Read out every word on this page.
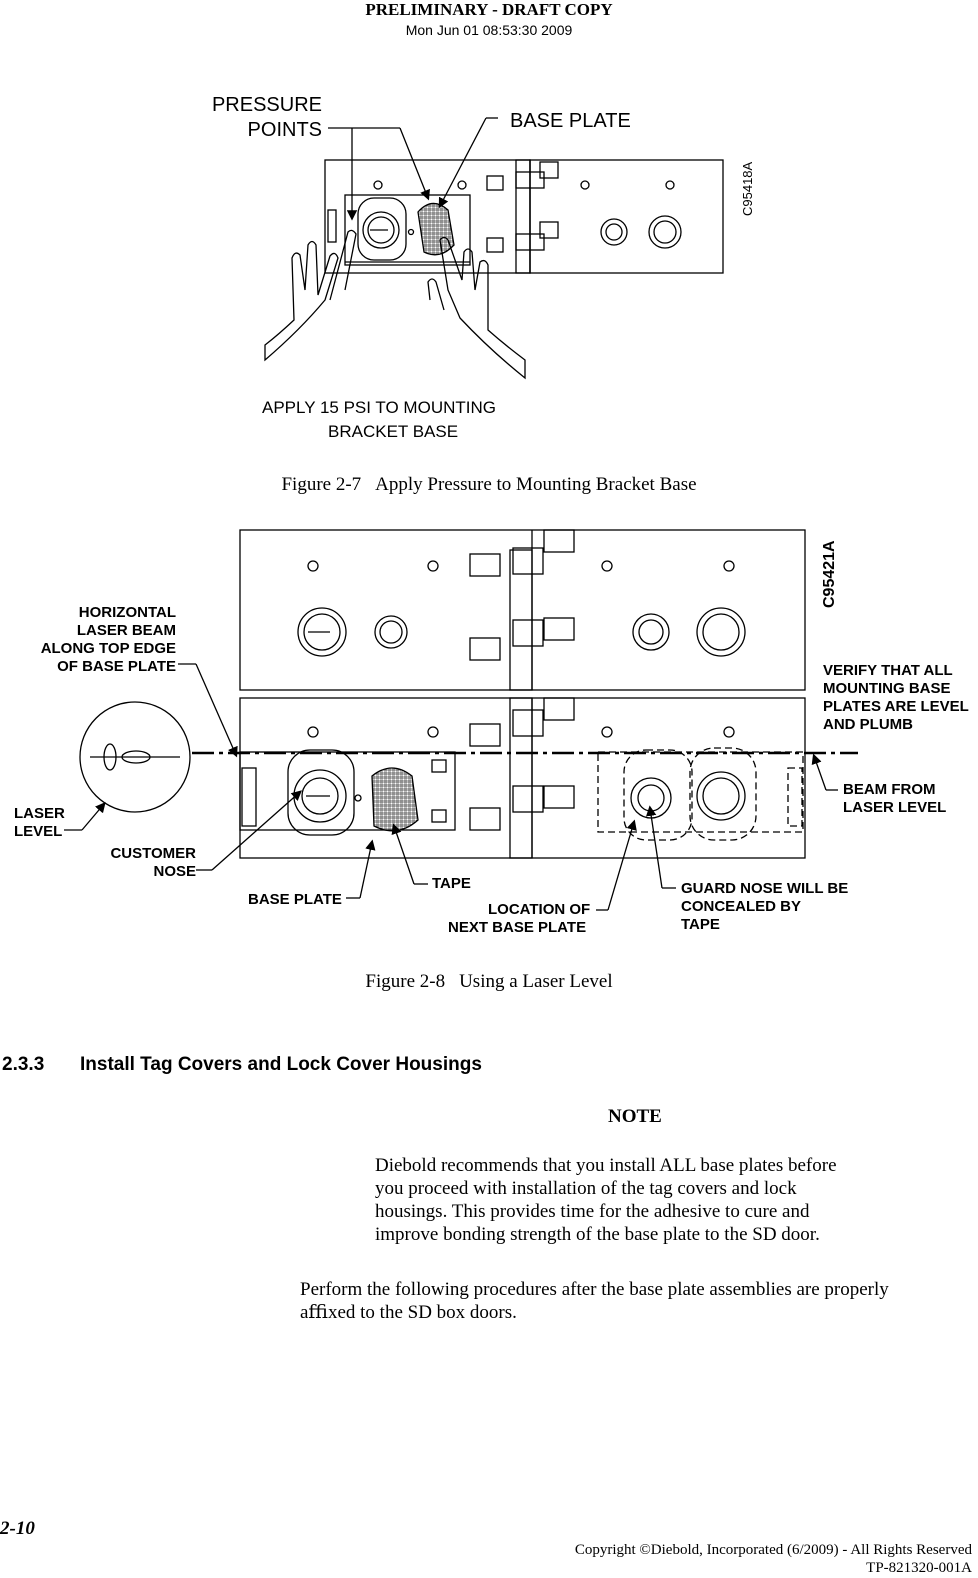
PRELIMINARY - DRAFT COPY
Mon Jun 01 08:53:30 2009
PRESSURE
POINTS	BASE PLATE
APPLY 15 PSI TO MOUNTING
BRACKET BASE
C95418A
Figure 2-7 Apply Pressure to Mounting Bracket Base
HORIZONTAL
LASER BEAM
ALONG TOP EDGE
OF BASE PLATE	VERIFY THAT ALL
MOUNTING BASE
PLATES ARE LEVEL
AND PLUMB
BEAM FROM
LASER LEVEL
LASER
LEVEL
CUSTOMER
NOSE
BASE PLATE
TAPE
LOCATION OF
NEXT BASE PLATE
GUARD NOSE WILL BE
CONCEALED BY
TAPE
C95421A
Figure 2-8 Using a Laser Level
2.3.3 Install Tag Covers and Lock Cover Housings
NOTE
Diebold recommends that you install ALL base plates before
you proceed with installation of the tag covers and lock
housings. This provides time for the adhesive to cure and
improve bonding strength of the base plate to the SD door.
Perform the following procedures after the base plate assemblies are properly
aﬃxed to the SD box doors.
2-10
Copyright ©Diebold, Incorporated (6/2009) - All Rights Reserved
TP-821320-001A
